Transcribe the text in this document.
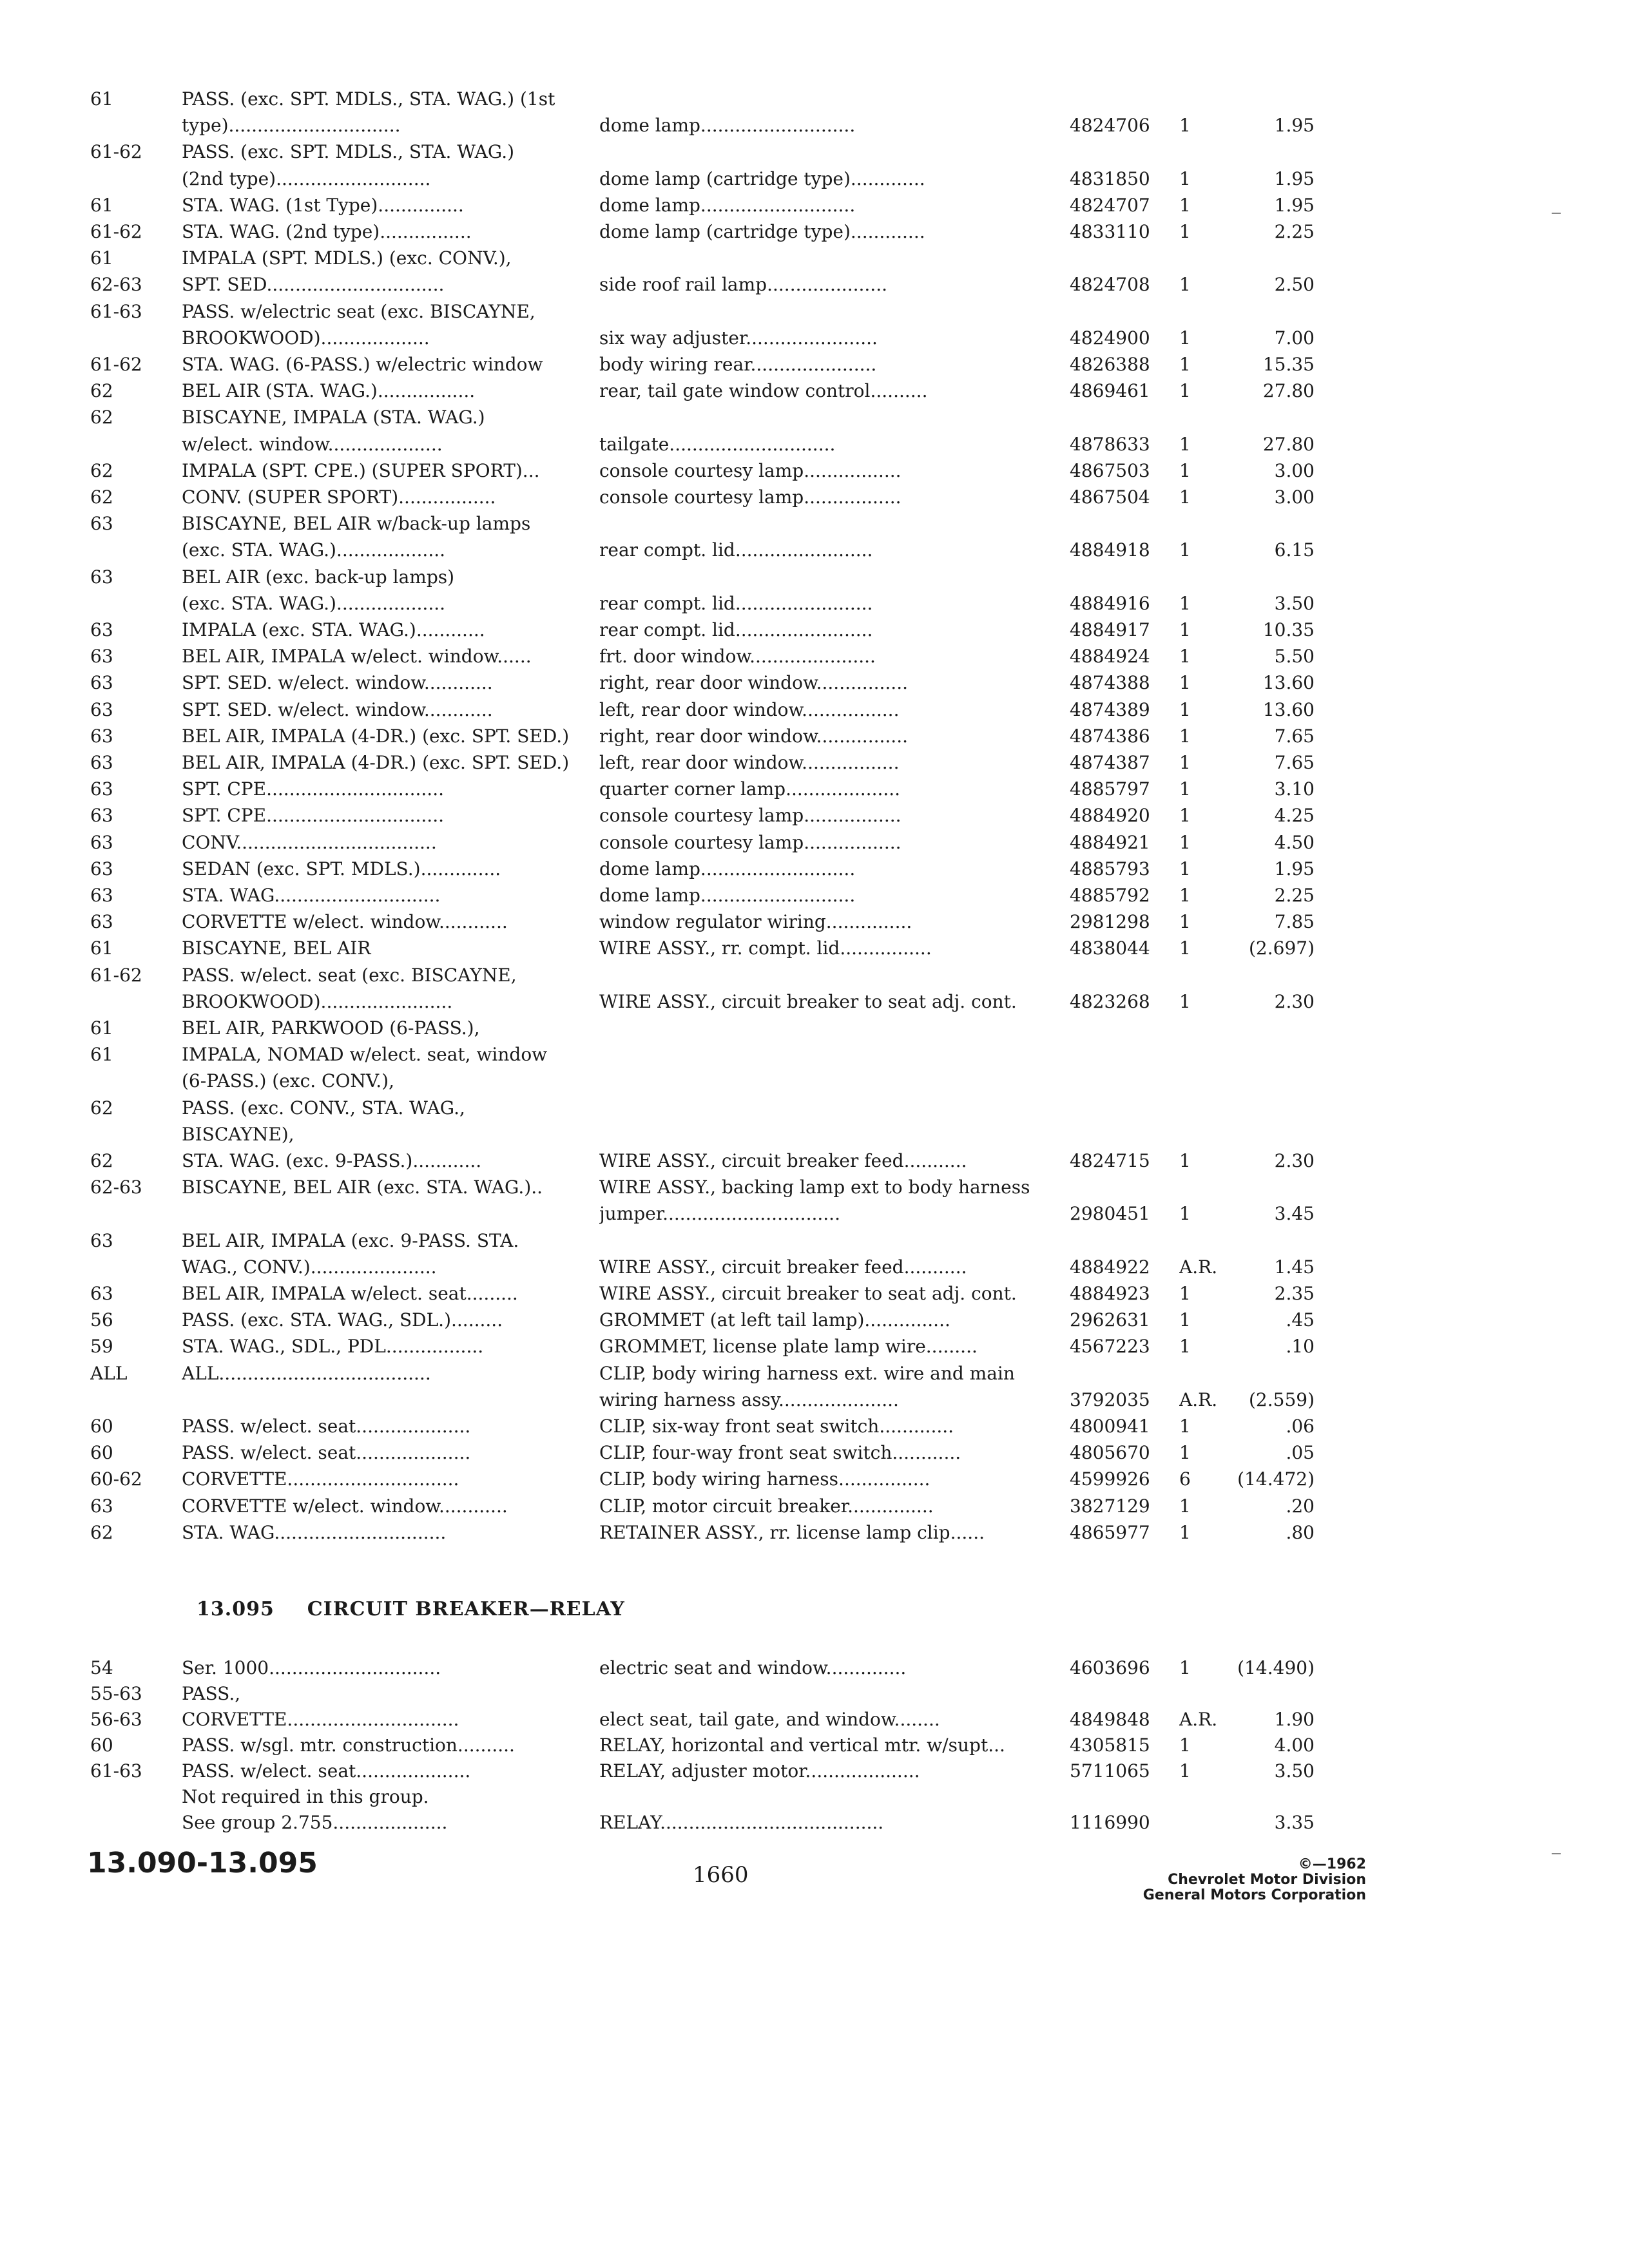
61	PASS. (exc. SPT. MDLS., STA. WAG.) (1st
type)..............................	dome lamp...........................	4824706	1	1.95
61-62	PASS. (exc. SPT. MDLS., STA. WAG.)
(2nd type)...........................	dome lamp (cartridge type).............	4831850	1	1.95
61	STA. WAG. (1st Type)...............	dome lamp...........................	4824707	1	1.95
61-62	STA. WAG. (2nd type)................	dome lamp (cartridge type).............	4833110	1	2.25
61	IMPALA (SPT. MDLS.) (exc. CONV.),
62-63	SPT. SED...............................	side roof rail lamp.....................	4824708	1	2.50
61-63	PASS. w/electric seat (exc. BISCAYNE,
BROOKWOOD)...................	six way adjuster.......................	4824900	1	7.00
61-62	STA. WAG. (6-PASS.) w/electric window	body wiring rear......................	4826388	1	15.35
62	BEL AIR (STA. WAG.).................	rear, tail gate window control..........	4869461	1	27.80
62	BISCAYNE, IMPALA (STA. WAG.)
w/elect. window....................	tailgate.............................	4878633	1	27.80
62	IMPALA (SPT. CPE.) (SUPER SPORT)...	console courtesy lamp.................	4867503	1	3.00
62	CONV. (SUPER SPORT).................	console courtesy lamp.................	4867504	1	3.00
63	BISCAYNE, BEL AIR w/back-up lamps
(exc. STA. WAG.)...................	rear compt. lid........................	4884918	1	6.15
63	BEL AIR (exc. back-up lamps)
(exc. STA. WAG.)...................	rear compt. lid........................	4884916	1	3.50
63	IMPALA (exc. STA. WAG.)............	rear compt. lid........................	4884917	1	10.35
63	BEL AIR, IMPALA w/elect. window......	frt. door window......................	4884924	1	5.50
63	SPT. SED. w/elect. window............	right, rear door window................	4874388	1	13.60
63	SPT. SED. w/elect. window............	left, rear door window.................	4874389	1	13.60
63	BEL AIR, IMPALA (4-DR.) (exc. SPT. SED.)	right, rear door window................	4874386	1	7.65
63	BEL AIR, IMPALA (4-DR.) (exc. SPT. SED.)	left, rear door window.................	4874387	1	7.65
63	SPT. CPE...............................	quarter corner lamp....................	4885797	1	3.10
63	SPT. CPE...............................	console courtesy lamp.................	4884920	1	4.25
63	CONV...................................	console courtesy lamp.................	4884921	1	4.50
63	SEDAN (exc. SPT. MDLS.)..............	dome lamp...........................	4885793	1	1.95
63	STA. WAG.............................	dome lamp...........................	4885792	1	2.25
63	CORVETTE w/elect. window............	window regulator wiring...............	2981298	1	7.85
61	BISCAYNE, BEL AIR	WIRE ASSY., rr. compt. lid................	4838044	1	(2.697)
61-62	PASS. w/elect. seat (exc. BISCAYNE,
BROOKWOOD).......................	WIRE ASSY., circuit breaker to seat adj. cont.	4823268	1	2.30
61	BEL AIR, PARKWOOD (6-PASS.),
61	IMPALA, NOMAD w/elect. seat, window
(6-PASS.) (exc. CONV.),
62	PASS. (exc. CONV., STA. WAG.,
BISCAYNE),
62	STA. WAG. (exc. 9-PASS.)............	WIRE ASSY., circuit breaker feed...........	4824715	1	2.30
62-63	BISCAYNE, BEL AIR (exc. STA. WAG.)..	WIRE ASSY., backing lamp ext to body harness
jumper...............................	2980451	1	3.45
63	BEL AIR, IMPALA (exc. 9-PASS. STA.
WAG., CONV.)......................	WIRE ASSY., circuit breaker feed...........	4884922	A.R.	1.45
63	BEL AIR, IMPALA w/elect. seat.........	WIRE ASSY., circuit breaker to seat adj. cont.	4884923	1	2.35
56	PASS. (exc. STA. WAG., SDL.).........	GROMMET (at left tail lamp)...............	2962631	1	.45
59	STA. WAG., SDL., PDL.................	GROMMET, license plate lamp wire.........	4567223	1	.10
ALL	ALL.....................................	CLIP, body wiring harness ext. wire and main
wiring harness assy.....................	3792035	A.R.	(2.559)
60	PASS. w/elect. seat....................	CLIP, six-way front seat switch.............	4800941	1	.06
60	PASS. w/elect. seat....................	CLIP, four-way front seat switch............	4805670	1	.05
60-62	CORVETTE..............................	CLIP, body wiring harness................	4599926	6	(14.472)
63	CORVETTE w/elect. window............	CLIP, motor circuit breaker...............	3827129	1	.20
62	STA. WAG..............................	RETAINER ASSY., rr. license lamp clip......	4865977	1	.80
13.095 CIRCUIT BREAKER—RELAY
54	Ser. 1000..............................	electric seat and window..............	4603696	1	(14.490)
55-63	PASS.,
56-63	CORVETTE..............................	elect seat, tail gate, and window........	4849848	A.R.	1.90
60	PASS. w/sgl. mtr. construction..........	RELAY, horizontal and vertical mtr. w/supt...	4305815	1	4.00
61-63	PASS. w/elect. seat....................	RELAY, adjuster motor....................	5711065	1	3.50
Not required in this group.
See group 2.755....................	RELAY.......................................	1116990	3.35
13.090-13.095	1660	©—1962
Chevrolet Motor Division
General Motors Corporation
